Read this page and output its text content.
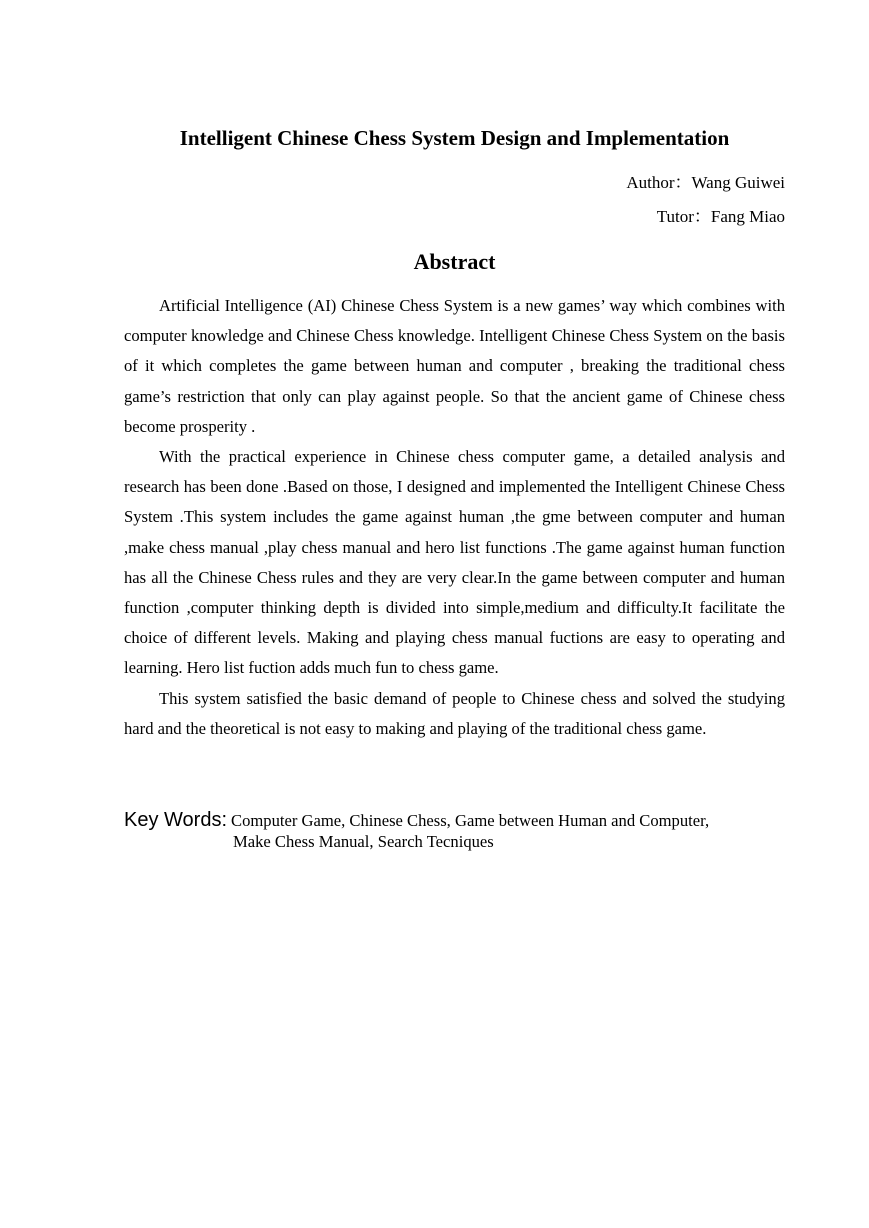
Intelligent Chinese Chess System Design and Implementation
Author：Wang Guiwei
Tutor：Fang Miao
Abstract

Artificial Intelligence (AI) Chinese Chess System is a new games’ way which combines with computer knowledge and Chinese Chess knowledge. Intelligent Chinese Chess System on the basis of it which completes the game between human and computer , breaking the traditional chess game’s restriction that only can play against people. So that the ancient game of Chinese chess become prosperity .

With the practical experience in Chinese chess computer game, a detailed analysis and research has been done .Based on those, I designed and implemented the Intelligent Chinese Chess System .This system includes the game against human ,the gme between computer and human ,make chess manual ,play chess manual and hero list functions .The game against human function has all the Chinese Chess rules and they are very clear.In the game between computer and human function ,computer thinking depth is divided into simple,medium and difficulty.It facilitate the choice of different levels. Making and playing chess manual fuctions are easy to operating and learning. Hero list fuction adds much fun to chess game.

This system satisfied the basic demand of people to Chinese chess and solved the studying hard and the theoretical is not easy to making and playing of the traditional chess game.

Key Words: Computer Game, Chinese Chess, Game between Human and Computer,
Make Chess Manual, Search Tecniques
